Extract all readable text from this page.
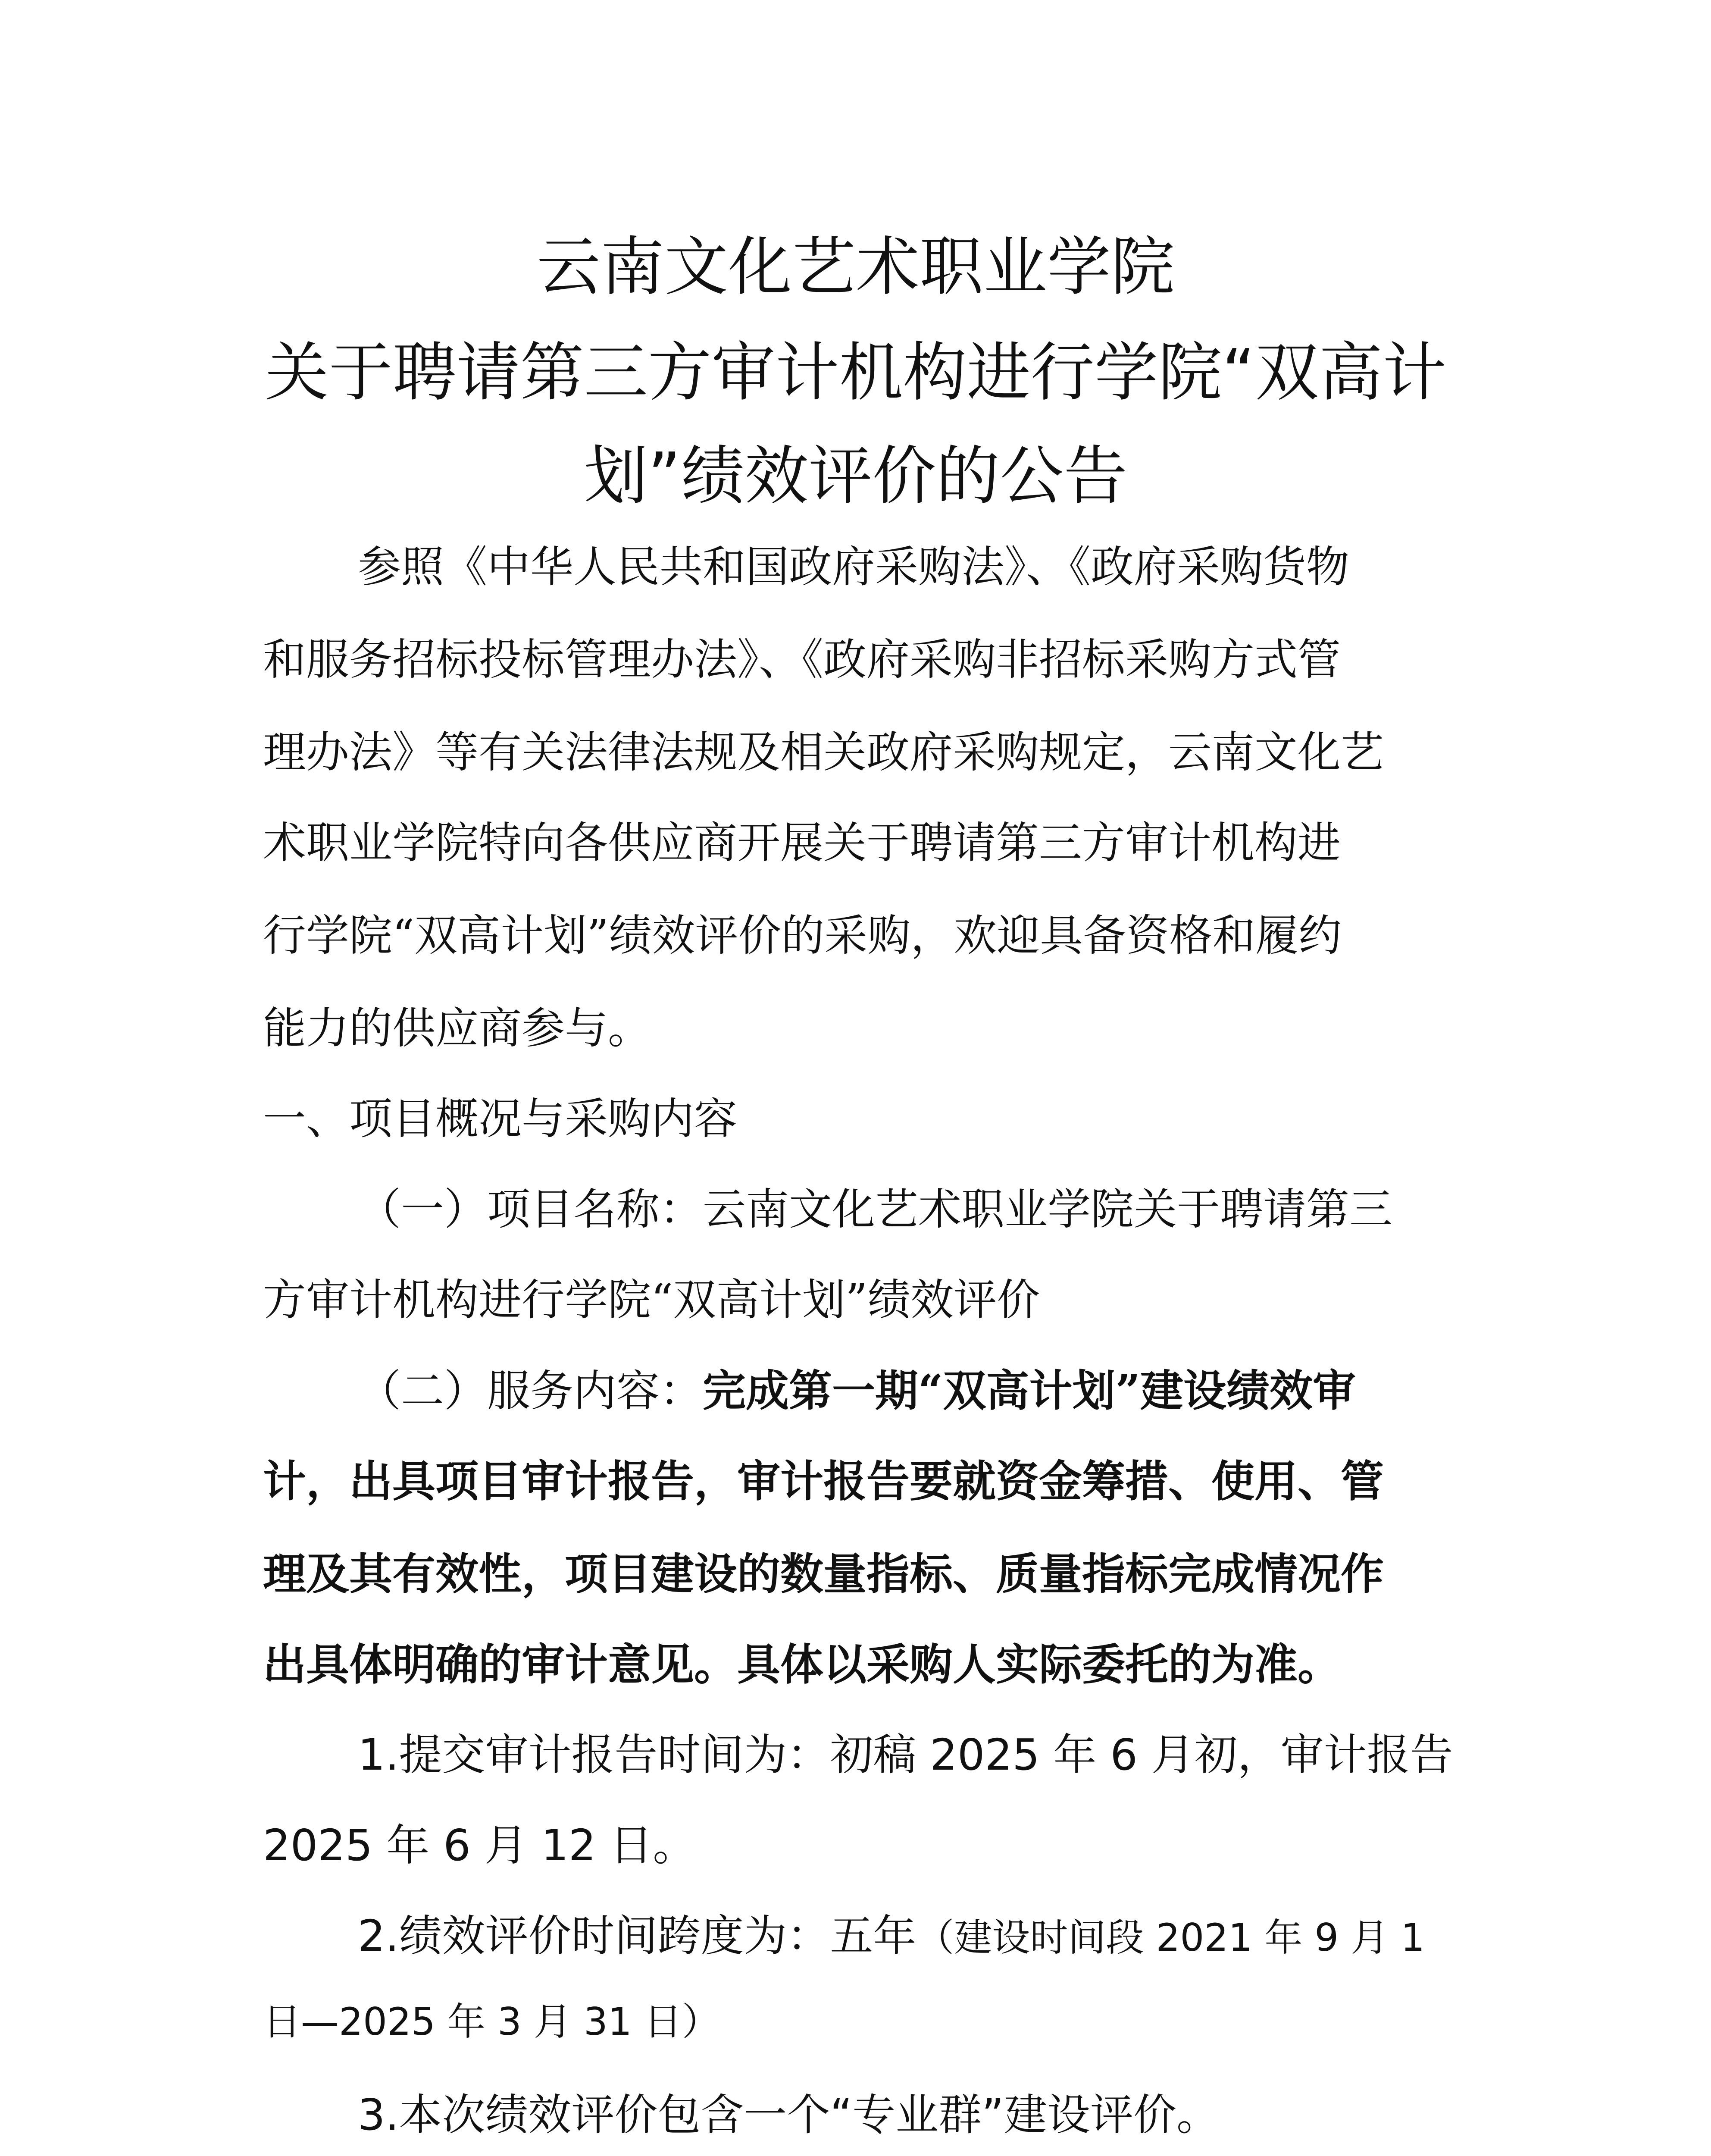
云南文化艺术职业学院
关于聘请第三方审计机构进行学院“双高计
划”绩效评价的公告
参照《中华人民共和国政府采购法》、《政府采购货物
和服务招标投标管理办法》、《政府采购非招标采购方式管
理办法》等有关法律法规及相关政府采购规定，云南文化艺
术职业学院特向各供应商开展关于聘请第三方审计机构进
行学院“双高计划”绩效评价的采购，欢迎具备资格和履约
能力的供应商参与。
一、项目概况与采购内容
（一）项目名称：云南文化艺术职业学院关于聘请第三
方审计机构进行学院“双高计划”绩效评价
（二）服务内容：完成第一期“双高计划”建设绩效审
计，出具项目审计报告，审计报告要就资金筹措、使用、管
理及其有效性，项目建设的数量指标、质量指标完成情况作
出具体明确的审计意见。具体以采购人实际委托的为准。
1.提交审计报告时间为：初稿 2025 年 6 月初，审计报告
2025 年 6 月 12 日。
2.绩效评价时间跨度为：五年（建设时间段 2021 年 9 月 1
日—2025 年 3 月 31 日）
3.本次绩效评价包含一个“专业群”建设评价。
